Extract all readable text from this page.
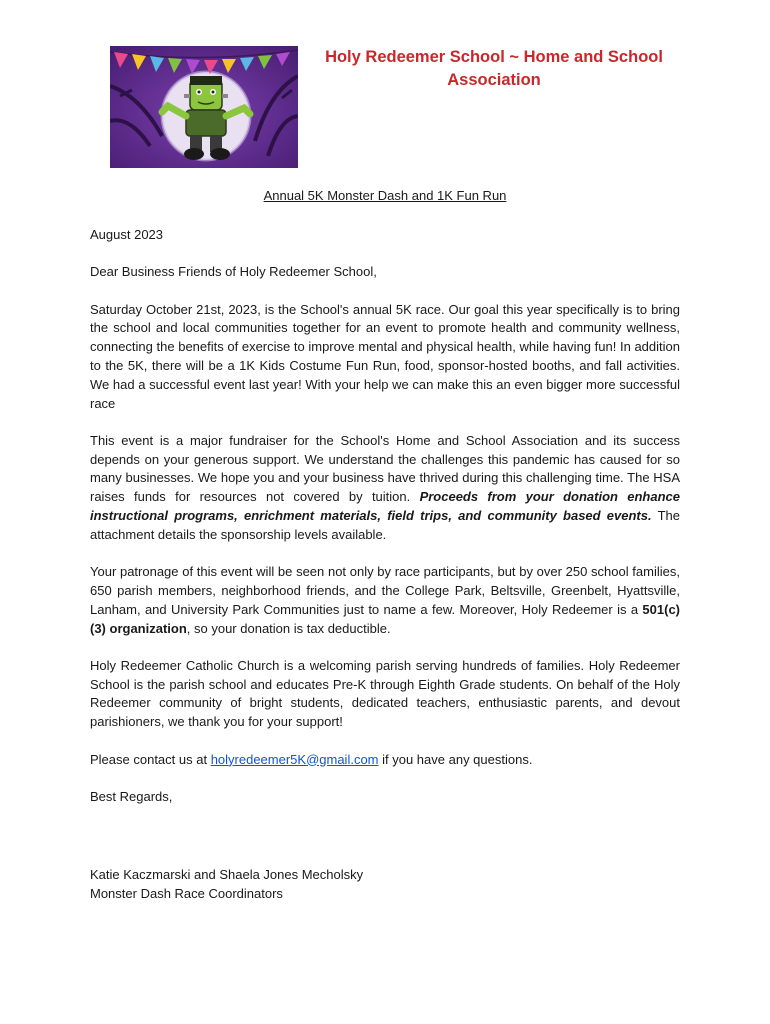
Holy Redeemer School ~ Home and School Association
Annual 5K Monster Dash and 1K Fun Run

August 2023

Dear Business Friends of Holy Redeemer School,

Saturday October 21st, 2023, is the School's annual 5K race. Our goal this year specifically is to bring the school and local communities together for an event to promote health and community wellness, connecting the benefits of exercise to improve mental and physical health, while having fun! In addition to the 5K, there will be a 1K Kids Costume Fun Run, food, sponsor-hosted booths, and fall activities. We had a successful event last year! With your help we can make this an even bigger more successful race

This event is a major fundraiser for the School's Home and School Association and its success depends on your generous support. We understand the challenges this pandemic has caused for so many businesses. We hope you and your business have thrived during this challenging time. The HSA raises funds for resources not covered by tuition. Proceeds from your donation enhance instructional programs, enrichment materials, field trips, and community based events. The attachment details the sponsorship levels available.

Your patronage of this event will be seen not only by race participants, but by over 250 school families, 650 parish members, neighborhood friends, and the College Park, Beltsville, Greenbelt, Hyattsville, Lanham, and University Park Communities just to name a few. Moreover, Holy Redeemer is a 501(c)(3) organization, so your donation is tax deductible.

Holy Redeemer Catholic Church is a welcoming parish serving hundreds of families. Holy Redeemer School is the parish school and educates Pre-K through Eighth Grade students. On behalf of the Holy Redeemer community of bright students, dedicated teachers, enthusiastic parents, and devout parishioners, we thank you for your support!

Please contact us at holyredeemer5K@gmail.com if you have any questions.

Best Regards,

Katie Kaczmarski and Shaela Jones Mecholsky
Monster Dash Race Coordinators
